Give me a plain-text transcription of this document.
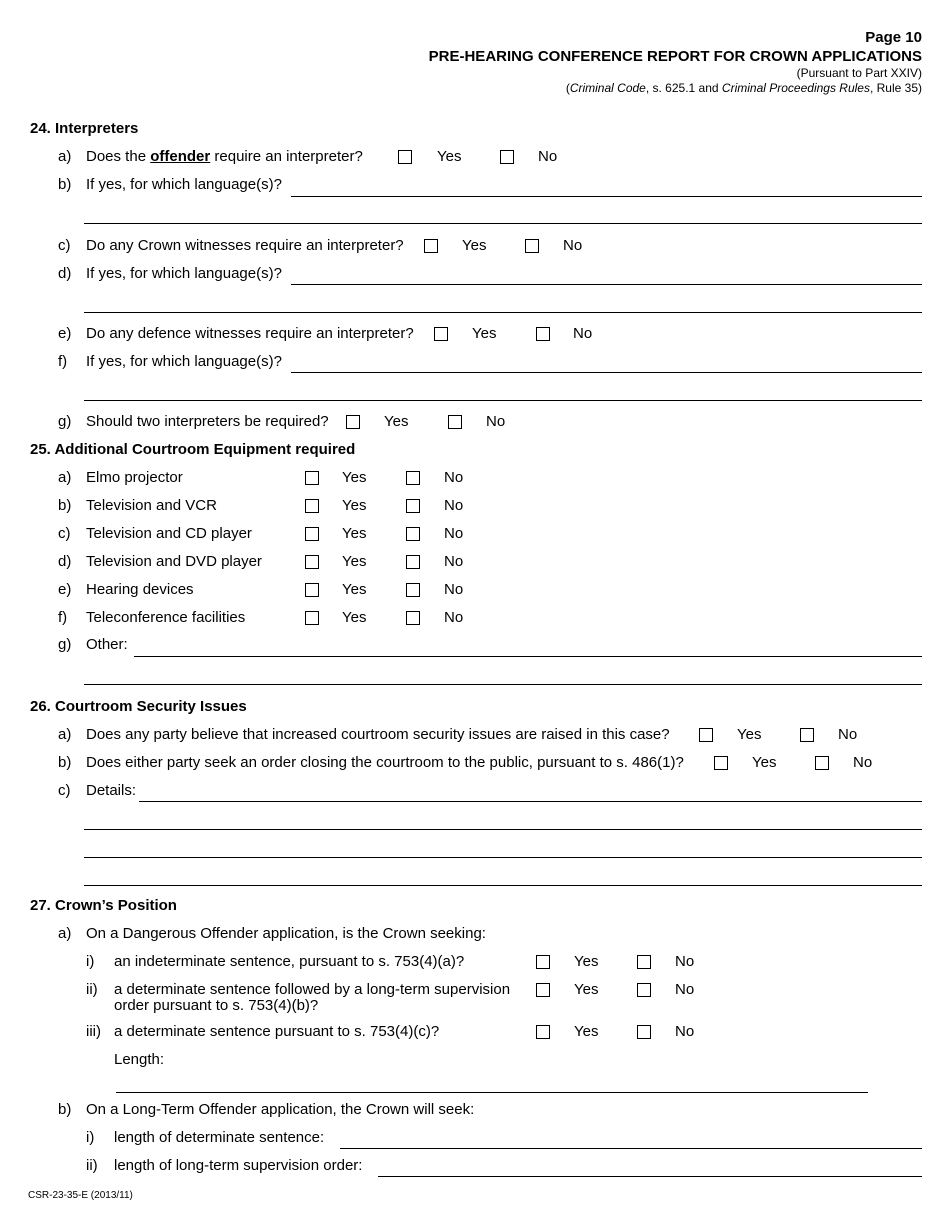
Page 10
PRE-HEARING CONFERENCE REPORT FOR CROWN APPLICATIONS
(Pursuant to Part XXIV)
(Criminal Code, s. 625.1 and Criminal Proceedings Rules, Rule 35)
24. Interpreters
a) Does the offender require an interpreter?	Yes	No
b) If yes, for which language(s)?
c) Do any Crown witnesses require an interpreter?	Yes	No
d) If yes, for which language(s)?
e) Do any defence witnesses require an interpreter?	Yes	No
f) If yes, for which language(s)?
g) Should two interpreters be required?	Yes	No
25. Additional Courtroom Equipment required
a) Elmo projector	Yes	No
b) Television and VCR	Yes	No
c) Television and CD player	Yes	No
d) Television and DVD player	Yes	No
e) Hearing devices	Yes	No
f) Teleconference facilities	Yes	No
g) Other:
26. Courtroom Security Issues
a) Does any party believe that increased courtroom security issues are raised in this case?	Yes	No
b) Does either party seek an order closing the courtroom to the public, pursuant to s. 486(1)?	Yes	No
c) Details:
27. Crown’s Position
a) On a Dangerous Offender application, is the Crown seeking:
i) an indeterminate sentence, pursuant to s. 753(4)(a)?	Yes	No
ii) a determinate sentence followed by a long-term supervision
order pursuant to s. 753(4)(b)?
Yes	No
iii) a determinate sentence pursuant to s. 753(4)(c)?	Yes	No
Length:
b) On a Long-Term Offender application, the Crown will seek:
i) length of determinate sentence:
ii) length of long-term supervision order:
CSR-23-35-E (2013/11)
